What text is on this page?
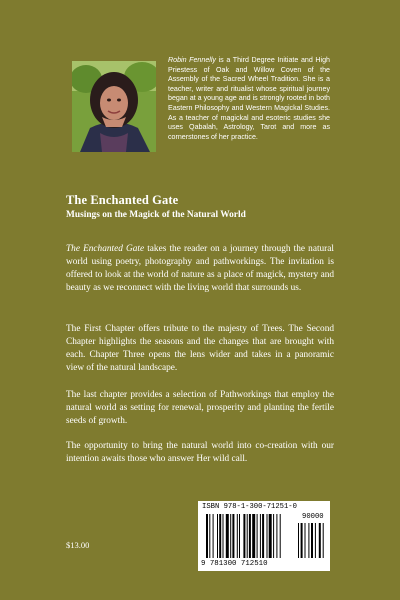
Robin Fennelly is a Third Degree Initiate and High Priestess of Oak and Willow Coven of the Assembly of the Sacred Wheel Tradition. She is a teacher, writer and ritualist whose spiritual journey began at a young age and is strongly rooted in both Eastern Philosophy and Western Magickal Studies. As a teacher of magickal and esoteric studies she uses Qabalah, Astrology, Tarot and more as cornerstones of her practice.
The Enchanted Gate
Musings on the Magick of the Natural World
The Enchanted Gate takes the reader on a journey through the natural world using poetry, photography and pathworkings. The invitation is offered to look at the world of nature as a place of magick, mystery and beauty as we reconnect with the living world that surrounds us.
The First Chapter offers tribute to the majesty of Trees. The Second Chapter highlights the seasons and the changes that are brought with each. Chapter Three opens the lens wider and takes in a panoramic view of the natural landscape.
The last chapter provides a selection of Pathworkings that employ the natural world as setting for renewal, prosperity and planting the fertile seeds of growth.
The opportunity to bring the natural world into co-creation with our intention awaits those who answer Her wild call.
$13.00
ISBN 978-1-300-71251-0
90000
9 781300 712510
